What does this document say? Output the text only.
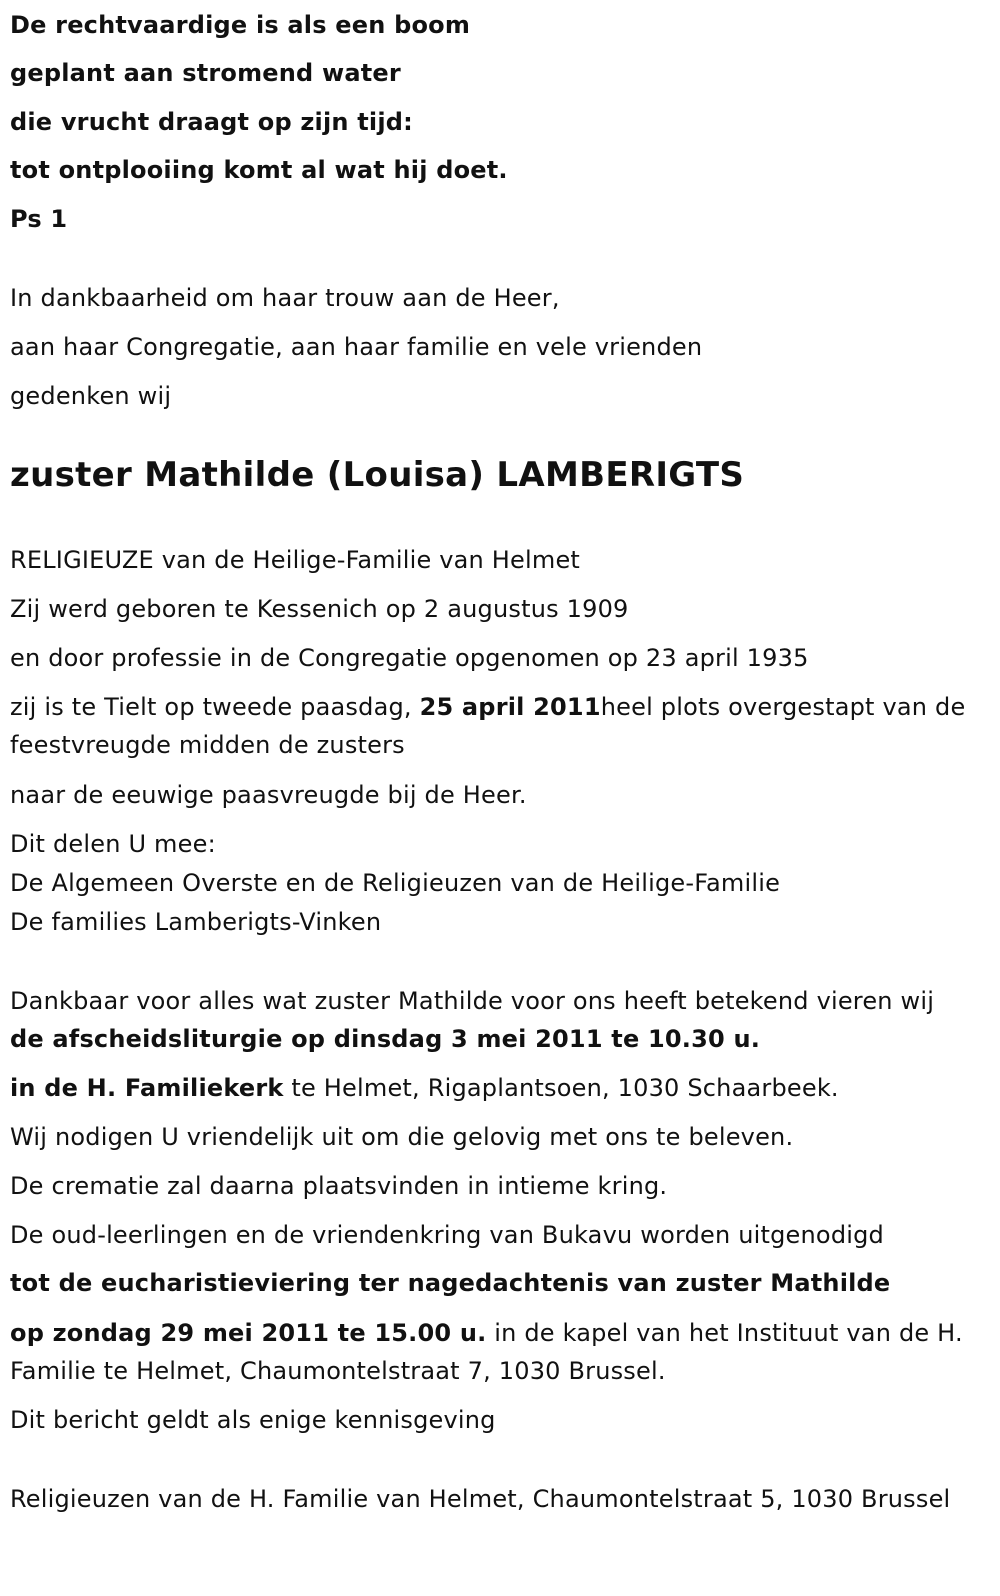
De rechtvaardige is als een boom
geplant aan stromend water
die vrucht draagt op zijn tijd:
tot ontplooiing komt al wat hij doet.
Ps 1
In dankbaarheid om haar trouw aan de Heer,
aan haar Congregatie, aan haar familie en vele vrienden
gedenken wij
zuster Mathilde (Louisa) LAMBERIGTS
RELIGIEUZE van de Heilige-Familie van Helmet
Zij werd geboren te Kessenich op 2 augustus 1909
en door professie in de Congregatie opgenomen op 23 april 1935
zij is te Tielt op tweede paasdag, 25 april 2011heel plots overgestapt van de feestvreugde midden de zusters
naar de eeuwige paasvreugde bij de Heer.
Dit delen U mee:
De Algemeen Overste en de Religieuzen van de Heilige-Familie
De families Lamberigts-Vinken
Dankbaar voor alles wat zuster Mathilde voor ons heeft betekend vieren wij de afscheidsliturgie op dinsdag 3 mei 2011 te 10.30 u.
in de H. Familiekerk te Helmet, Rigaplantsoen, 1030 Schaarbeek.
Wij nodigen U vriendelijk uit om die gelovig met ons te beleven.
De crematie zal daarna plaatsvinden in intieme kring.
De oud-leerlingen en de vriendenkring van Bukavu worden uitgenodigd
tot de eucharistieviering ter nagedachtenis van zuster Mathilde
op zondag 29 mei 2011 te 15.00 u. in de kapel van het Instituut van de H. Familie te Helmet, Chaumontelstraat 7, 1030 Brussel.
Dit bericht geldt als enige kennisgeving
Religieuzen van de H. Familie van Helmet, Chaumontelstraat 5, 1030 Brussel
